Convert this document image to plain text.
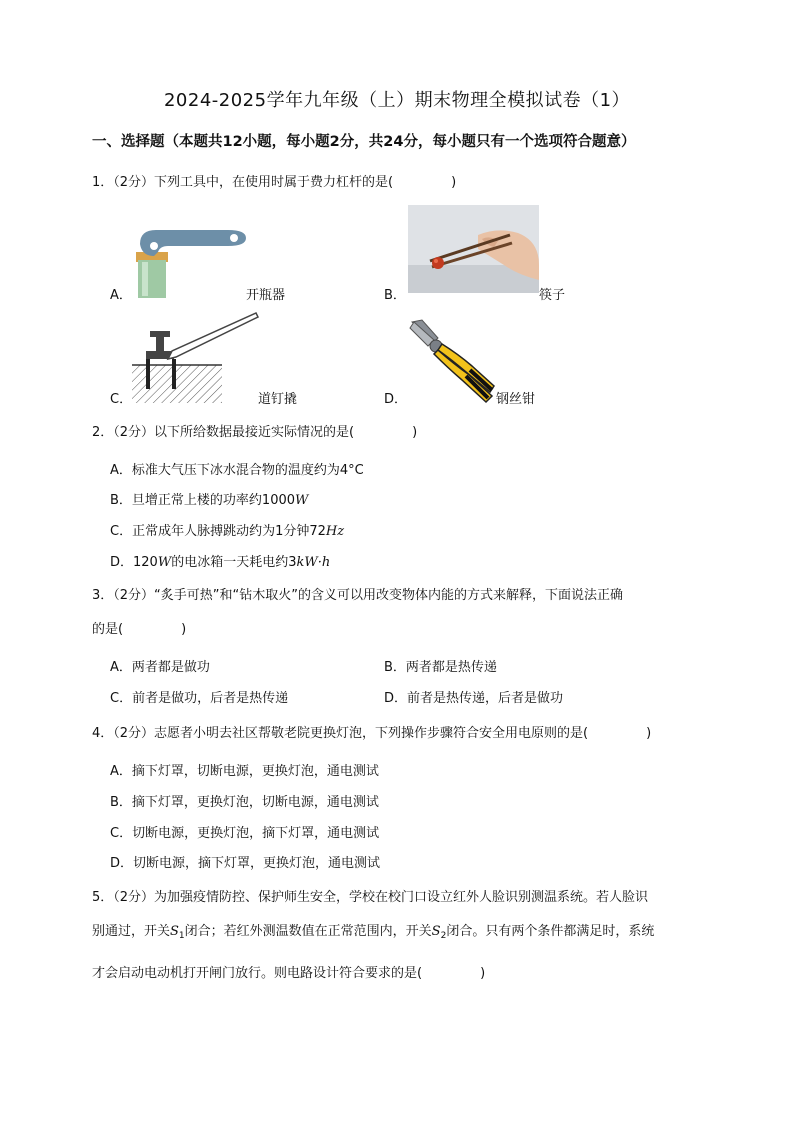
2024-2025学年九年级（上）期末物理全模拟试卷（1）
一、选择题（本题共12小题，每小题2分，共24分，每小题只有一个选项符合题意）
1．（2分）下列工具中，在使用时属于费力杠杆的是(	)
A．	开瓶器	B．	筷子
C．	道钉撬	D．	钢丝钳
2．（2分）以下所给数据最接近实际情况的是(	)
A．标准大气压下冰水混合物的温度约为4°C
B．旦增正常上楼的功率约1000W
C．正常成年人脉搏跳动约为1分钟72Hz
D．120W的电冰箱一天耗电约3kW·h
3．（2分）“炙手可热”和“钻木取火”的含义可以用改变物体内能的方式来解释，下面说法正确
的是(	)
A．两者都是做功	B．两者都是热传递
C．前者是做功，后者是热传递	D．前者是热传递，后者是做功
4．（2分）志愿者小明去社区帮敬老院更换灯泡，下列操作步骤符合安全用电原则的是(	)
A．摘下灯罩，切断电源，更换灯泡，通电测试
B．摘下灯罩，更换灯泡，切断电源，通电测试
C．切断电源，更换灯泡，摘下灯罩，通电测试
D．切断电源，摘下灯罩，更换灯泡，通电测试
5．（2分）为加强疫情防控、保护师生安全，学校在校门口设立红外人脸识别测温系统。若人脸识
别通过，开关$S_1$闭合；若红外测温数值在正常范围内，开关$S_2$闭合。只有两个条件都满足时，系统
才会启动电动机打开闸门放行。则电路设计符合要求的是(	)
